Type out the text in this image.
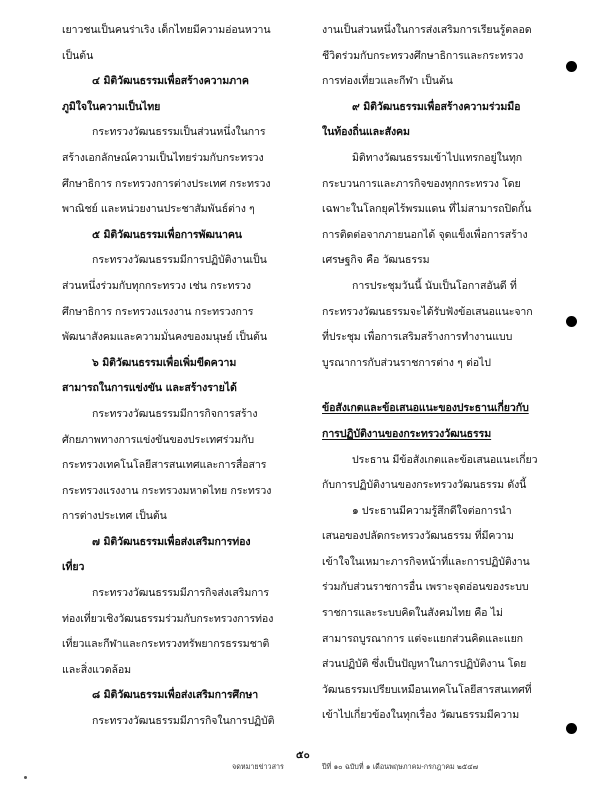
เยาวชนเป็นคนร่าเริง เด็กไทยมีความอ่อนหวาน
เป็นต้น
๔ มิติวัฒนธรรมเพื่อสร้างความภาค
ภูมิใจในความเป็นไทย
กระทรวงวัฒนธรรมเป็นส่วนหนึ่งในการ
สร้างเอกลักษณ์ความเป็นไทยร่วมกับกระทรวง
ศึกษาธิการ กระทรวงการต่างประเทศ กระทรวง
พาณิชย์ และหน่วยงานประชาสัมพันธ์ต่าง ๆ
๕ มิติวัฒนธรรมเพื่อการพัฒนาคน
กระทรวงวัฒนธรรมมีการปฏิบัติงานเป็น
ส่วนหนึ่งร่วมกับทุกกระทรวง เช่น กระทรวง
ศึกษาธิการ กระทรวงแรงงาน กระทรวงการ
พัฒนาสังคมและความมั่นคงของมนุษย์ เป็นต้น
๖ มิติวัฒนธรรมเพื่อเพิ่มขีดความ
สามารถในการแข่งขัน และสร้างรายได้
กระทรวงวัฒนธรรมมีการกิจการสร้าง
ศักยภาพทางการแข่งขันของประเทศร่วมกับ
กระทรวงเทคโนโลยีสารสนเทศและการสื่อสาร
กระทรวงแรงงาน กระทรวงมหาดไทย กระทรวง
การต่างประเทศ เป็นต้น
๗ มิติวัฒนธรรมเพื่อส่งเสริมการท่อง
เที่ยว
กระทรวงวัฒนธรรมมีภารกิจส่งเสริมการ
ท่องเที่ยวเชิงวัฒนธรรมร่วมกับกระทรวงการท่อง
เที่ยวและกีฬาและกระทรวงทรัพยากรธรรมชาติ
และสิ่งแวดล้อม
๘ มิติวัฒนธรรมเพื่อส่งเสริมการศึกษา
กระทรวงวัฒนธรรมมีภารกิจในการปฏิบัติ
งานเป็นส่วนหนึ่งในการส่งเสริมการเรียนรู้ตลอด
ชีวิตร่วมกับกระทรวงศึกษาธิการและกระทรวง
การท่องเที่ยวและกีฬา เป็นต้น
๙ มิติวัฒนธรรมเพื่อสร้างความร่วมมือ
ในท้องถิ่นและสังคม
มิติทางวัฒนธรรมเข้าไปแทรกอยู่ในทุก
กระบวนการและภารกิจของทุกกระทรวง โดย
เฉพาะในโลกยุคไร้พรมแดน ที่ไม่สามารถปิดกั้น
การติดต่อจากภายนอกได้ จุดแข็งเพื่อการสร้าง
เศรษฐกิจ คือ วัฒนธรรม
การประชุมวันนี้ นับเป็นโอกาสอันดี ที่
กระทรวงวัฒนธรรมจะได้รับฟังข้อเสนอแนะจาก
ที่ประชุม เพื่อการเสริมสร้างการทำงานแบบ
บูรณาการกับส่วนราชการต่าง ๆ ต่อไป
ข้อสังเกตและข้อเสนอแนะของประธานเกี่ยวกับ
การปฏิบัติงานของกระทรวงวัฒนธรรม
ประธาน มีข้อสังเกตและข้อเสนอแนะเกี่ยว
กับการปฏิบัติงานของกระทรวงวัฒนธรรม ดังนี้
๑ ประธานมีความรู้สึกดีใจต่อการนำ
เสนอของปลัดกระทรวงวัฒนธรรม ที่มีความ
เข้าใจในเหมาะภารกิจหน้าที่และการปฏิบัติงาน
ร่วมกับส่วนราชการอื่น เพราะจุดอ่อนของระบบ
ราชการและระบบคิดในสังคมไทย คือ ไม่
สามารถบูรณาการ แต่จะแยกส่วนคิดและแยก
ส่วนปฏิบัติ ซึ่งเป็นปัญหาในการปฏิบัติงาน โดย
วัฒนธรรมเปรียบเหมือนเทคโนโลยีสารสนเทศที่
เข้าไปเกี่ยวข้องในทุกเรื่อง วัฒนธรรมมีความ
๕๐
จดหมายข่าวสาร	ปีที่ ๑๐ ฉบับที่ ๑ เดือนพฤษภาคม-กรกฎาคม ๒๕๔๗
